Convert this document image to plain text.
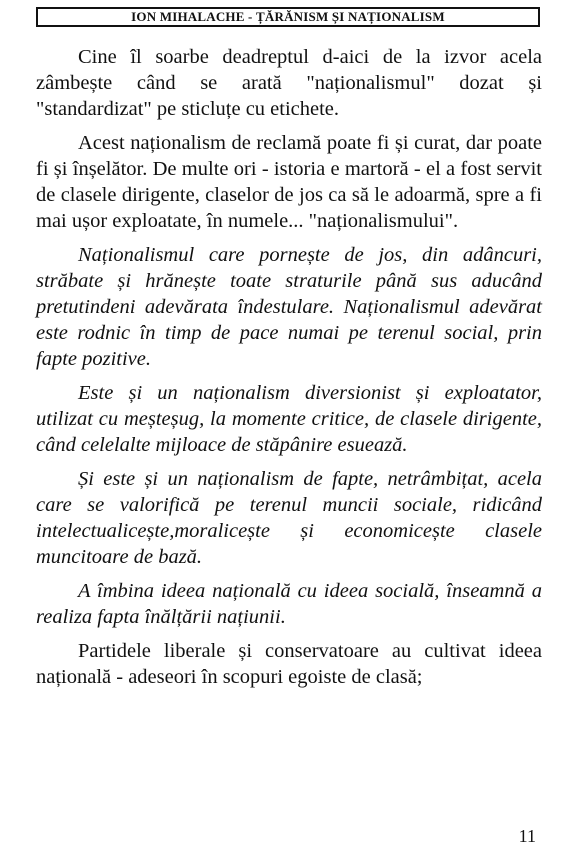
ION MIHALACHE - ȚĂRĂNISM ȘI NAȚIONALISM

Cine îl soarbe deadreptul d-aici de la izvor acela zâmbește când se arată "naționalismul" dozat și "standardizat" pe sticluțe cu etichete.

Acest naționalism de reclamă poate fi și curat, dar poate fi și înșelător. De multe ori - istoria e martoră - el a fost servit de clasele dirigente, claselor de jos ca să le adoarmă, spre a fi mai ușor exploatate, în numele... "naționalismului".

Naționalismul care pornește de jos, din adâncuri, străbate și hrănește toate straturile până sus aducând pretutindeni adevărata îndestulare. Naționalismul adevărat este rodnic în timp de pace numai pe terenul social, prin fapte pozitive.

Este și un naționalism diversionist și exploatator, utilizat cu meșteșug, la momente critice, de clasele dirigente, când celelalte mijloace de stăpânire esuează.

Și este și un naționalism de fapte, netrâmbițat, acela care se valorifică pe terenul muncii sociale, ridicând intelectualicește,moralicește și economicește clasele muncitoare de bază.

A îmbina ideea națională cu ideea socială, înseamnă a realiza fapta înălțării națiunii.

Partidele liberale și conservatoare au cultivat ideea națională - adeseori în scopuri egoiste de clasă;

11
